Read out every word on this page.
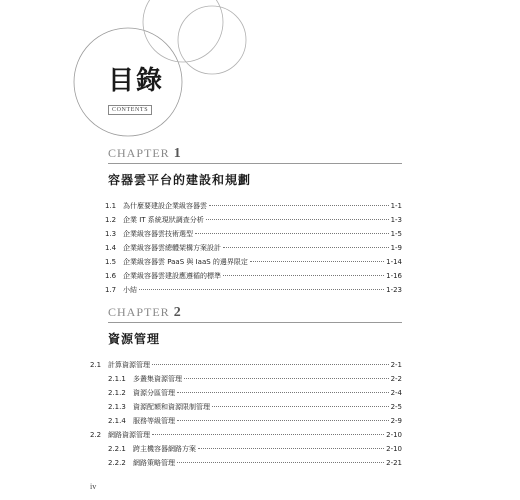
目錄
CONTENTS
CHAPTER 1
容器雲平台的建設和規劃
1.1 為什麼要建設企業級容器雲	1-1
1.2 企業 IT 系統現狀調查分析	1-3
1.3 企業級容器雲技術選型	1-5
1.4 企業級容器雲總體架構方案設計	1-9
1.5 企業級容器雲 PaaS 與 IaaS 的邊界限定	1-14
1.6 企業級容器雲建設應遵循的標準	1-16
1.7 小結	1-23
CHAPTER 2
資源管理
2.1 計算資源管理	2-1
2.1.1	多叢集資源管理	2-2
2.1.2	資源分區管理	2-4
2.1.3	資源配額和資源限制管理	2-5
2.1.4	服務等級管理	2-9
2.2 網路資源管理	2-10
2.2.1	跨主機容器網路方案	2-10
2.2.2	網路策略管理	2-21
iv
